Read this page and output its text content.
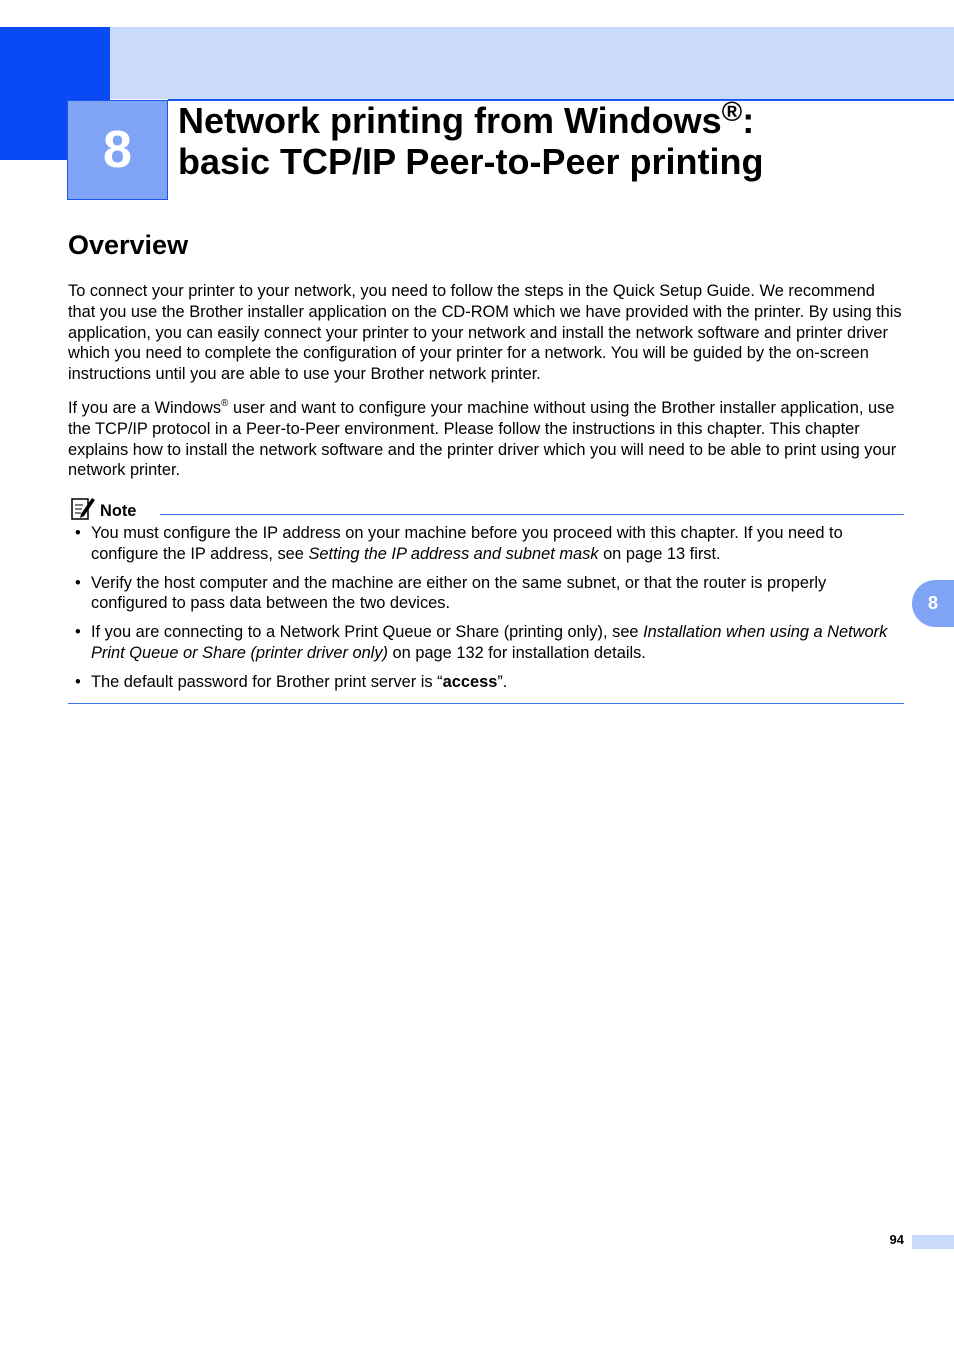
8
Network printing from Windows®:
basic TCP/IP Peer-to-Peer printing
Overview

To connect your printer to your network, you need to follow the steps in the Quick Setup Guide. We recommend that you use the Brother installer application on the CD-ROM which we have provided with the printer. By using this application, you can easily connect your printer to your network and install the network software and printer driver which you need to complete the configuration of your printer for a network. You will be guided by the on-screen instructions until you are able to use your Brother network printer.

If you are a Windows® user and want to configure your machine without using the Brother installer application, use the TCP/IP protocol in a Peer-to-Peer environment. Please follow the instructions in this chapter. This chapter explains how to install the network software and the printer driver which you will need to be able to print using your network printer.

Note
• You must configure the IP address on your machine before you proceed with this chapter. If you need to configure the IP address, see Setting the IP address and subnet mask on page 13 first.
• Verify the host computer and the machine are either on the same subnet, or that the router is properly configured to pass data between the two devices.
• If you are connecting to a Network Print Queue or Share (printing only), see Installation when using a Network Print Queue or Share (printer driver only) on page 132 for installation details.
• The default password for Brother print server is “access”.
8
94
